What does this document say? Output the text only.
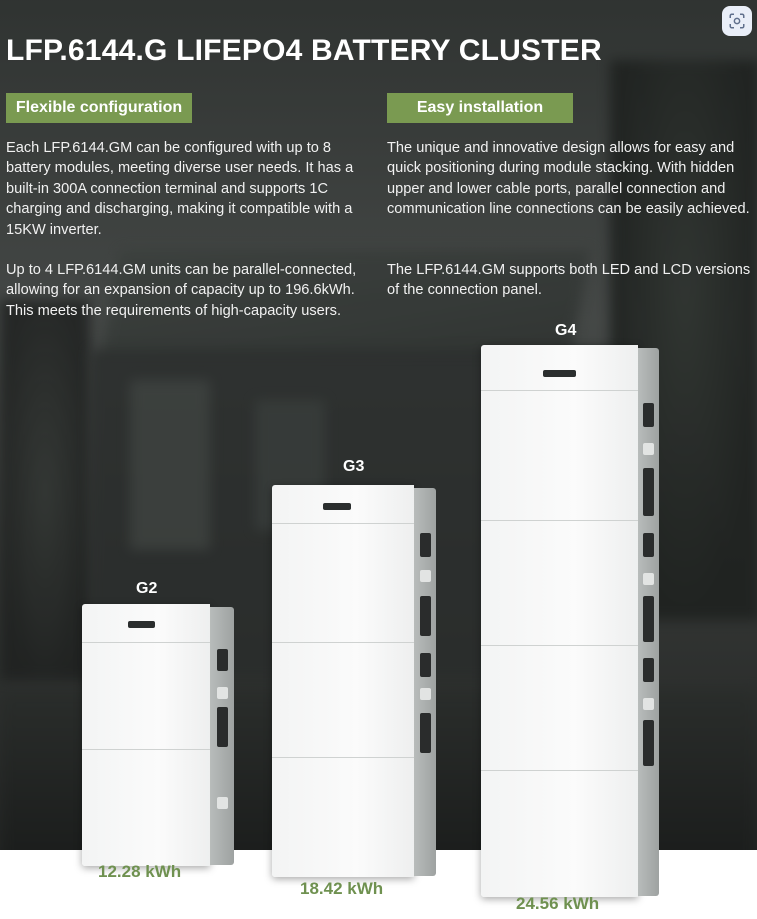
LFP.6144.G LIFEPO4 BATTERY CLUSTER
Flexible configuration	Easy installation

Each LFP.6144.GM can be configured with up to 8 battery modules, meeting diverse user needs. It has a built-in 300A connection terminal and supports 1C charging and discharging, making it compatible with a 15KW inverter.

Up to 4 LFP.6144.GM units can be parallel-connected, allowing for an expansion of capacity up to 196.6kWh. This meets the requirements of high-capacity users.

The unique and innovative design allows for easy and quick positioning during module stacking. With hidden upper and lower cable ports, parallel connection and communication line connections can be easily achieved.

The LFP.6144.GM supports both LED and LCD versions of the connection panel.

G2
12.28 kWh
G3
18.42 kWh
G4
24.56 kWh
